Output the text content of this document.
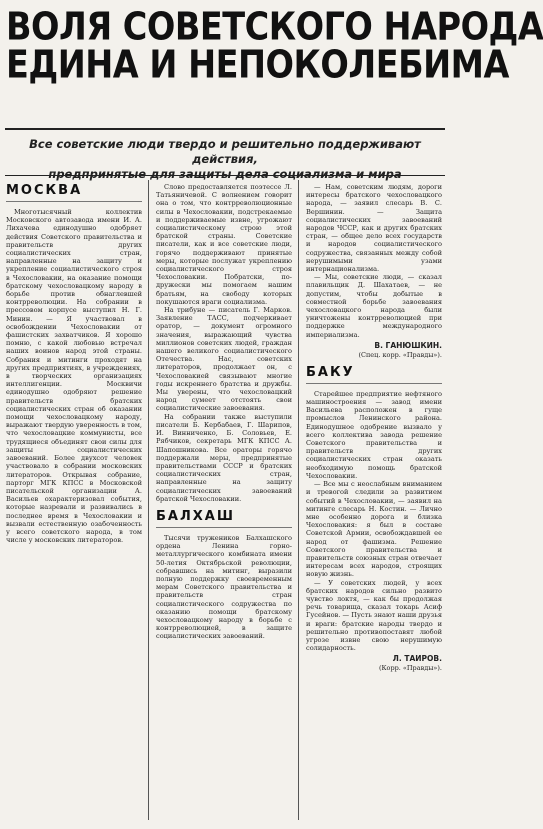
ВОЛЯ СОВЕТСКОГО НАРОДА
ЕДИНА И НЕПОКОЛЕБИМА
Все советские люди твердо и решительно поддерживают действия,
предпринятые для защиты дела социализма и мира
МОСКВА

Многотысячный коллектив Московского автозавода имени И. А. Лихачева единодушно одобряет действия Советского правительства и правительств других социалистических стран, направленные на защиту и укрепление социалистического строя в Чехословакии, на оказание помощи братскому чехословацкому народу в борьбе против обнаглевшей контрреволюции. На собрании в прессовом корпусе выступил Н. Г. Минин. — Я участвовал в освобождении Чехословакии от фашистских захватчиков. Я хорошо помню, с какой любовью встречал наших воинов народ этой страны. Собрания и митинги проходят на других предприятиях, в учреждениях, в творческих организациях интеллигенции. Москвичи единодушно одобряют решение правительств братских социалистических стран об оказании помощи чехословацкому народу, выражают твердую уверенность в том, что чехословацкие коммунисты, все трудящиеся объединят свои силы для защиты социалистических завоеваний. Более двухсот человек участвовало в собрании московских литераторов. Открывая собрание, парторг МГК КПСС в Московской писательской организации А. Васильев охарактеризовал события, которые назревали и развивались в последнее время в Чехословакии и вызвали естественную озабоченность у всего советского народа, в том числе у московских литераторов.

Слово предоставляется поэтессе Л. Татьяничевой. С волнением говорит она о том, что контрреволюционные силы в Чехословакии, подстрекаемые и поддерживаемые извне, угрожают социалистическому строю этой братской страны. Советские писатели, как и все советские люди, горячо поддерживают принятые меры, которые послужат укреплению социалистического строя Чехословакии. Побратски, по-дружески мы помогаем нашим братьям, на свободу которых покушаются враги социализма.

На трибуне — писатель Г. Марков. Заявление ТАСС, подчеркивает оратор, — документ огромного значения, выражающий чувства миллионов советских людей, граждан нашего великого социалистического Отечества. Нас, советских литераторов, продолжает он, с Чехословакией связывают многие годы искреннего братства и дружбы. Мы уверены, что чехословацкий народ сумеет отстоять свои социалистические завоевания.

На собрании также выступили писатели Б. Кербабаев, Г. Шарипов, И. Винниченко, Б. Соловьев, Е. Рябчиков, секретарь МГК КПСС А. Шапошникова. Все ораторы горячо поддержали меры, предпринятые правительствами СССР и братских социалистических стран, направленные на защиту социалистических завоеваний братской Чехословакии.

БАЛХАШ

Тысячи тружеников Балхашского ордена Ленина горно-металлургического комбината имени 50-летия Октябрьской революции, собравшись на митинг, выразили полную поддержку своевременным мерам Советского правительства и правительств стран социалистического содружества по оказанию помощи братскому чехословацкому народу в борьбе с контрреволюцией, в защите социалистических завоеваний.

— Нам, советским людям, дороги интересы братского чехословацкого народа, — заявил слесарь В. С. Вершинин. — Защита социалистических завоеваний народов ЧССР, как и других братских стран, — общее дело всех государств и народов социалистического содружества, связанных между собой нерушимыми узами интернационализма.

— Мы, советские люди, — сказал плавильщик Д. Шахатаев, — не допустим, чтобы добытые в совместной борьбе завоевания чехословацкого народа были уничтожены контрреволюцией при поддержке международного империализма.

В. ГАНЮШКИН.
(Спец. корр. «Правды»).
БАКУ

Старейшее предприятие нефтяного машиностроения — завод имени Васильева расположен в гуще промыслов Ленинского района. Единодушное одобрение вызвало у всего коллектива завода решение Советского правительства и правительств других социалистических стран оказать необходимую помощь братской Чехословакии.

— Все мы с неослабным вниманием и тревогой следили за развитием событий в Чехословакии, — заявил на митинге слесарь Н. Костин. — Лично мне особенно дорога и близка Чехословакия: я был в составе Советской Армии, освобождавшей ее народ от фашизма. Решение Советского правительства и правительств союзных стран отвечает интересам всех народов, строящих новую жизнь.

— У советских людей, у всех братских народов сильно развито чувство локтя, — как бы продолжая речь товарища, сказал токарь Асиф Гусейнов. — Пусть знают наши друзья и враги: братские народы твердо и решительно противопоставят любой угрозе извне свою нерушимую солидарность.

Л. ТАИРОВ.
(Корр. «Правды»).
